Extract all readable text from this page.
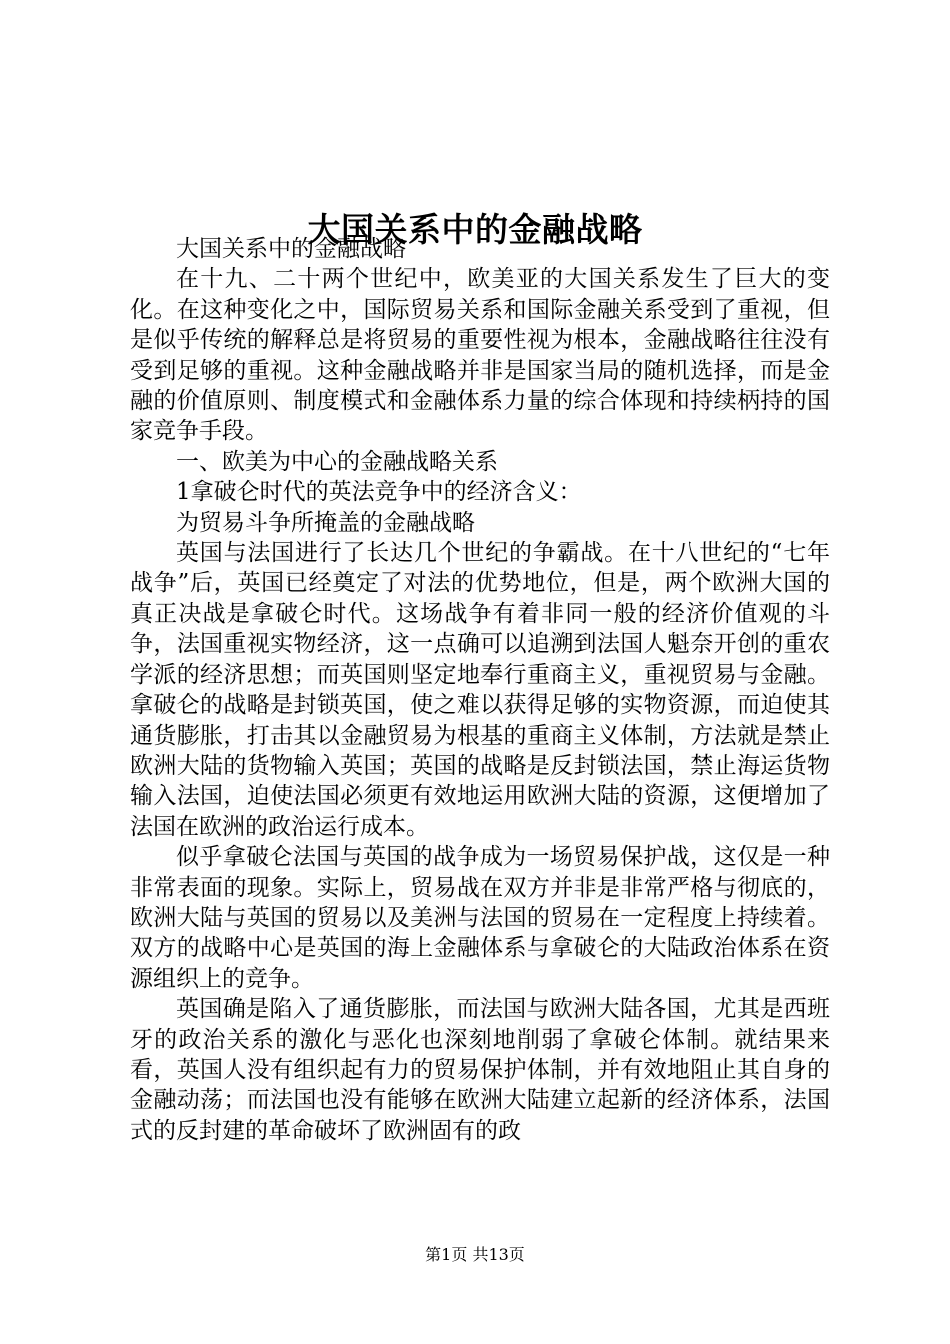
大国关系中的金融战略

大国关系中的金融战略

在十九、二十两个世纪中，欧美亚的大国关系发生了巨大的变化。在这种变化之中，国际贸易关系和国际金融关系受到了重视，但是似乎传统的解释总是将贸易的重要性视为根本，金融战略往往没有受到足够的重视。这种金融战略并非是国家当局的随机选择，而是金融的价值原则、制度模式和金融体系力量的综合体现和持续柄持的国家竞争手段。

一、欧美为中心的金融战略关系

1拿破仑时代的英法竞争中的经济含义：

为贸易斗争所掩盖的金融战略

英国与法国进行了长达几个世纪的争霸战。在十八世纪的“七年战争”后，英国已经奠定了对法的优势地位，但是，两个欧洲大国的真正决战是拿破仑时代。这场战争有着非同一般的经济价值观的斗争，法国重视实物经济，这一点确可以追溯到法国人魁奈开创的重农学派的经济思想；而英国则坚定地奉行重商主义，重视贸易与金融。拿破仑的战略是封锁英国，使之难以获得足够的实物资源，而迫使其通货膨胀，打击其以金融贸易为根基的重商主义体制，方法就是禁止欧洲大陆的货物输入英国；英国的战略是反封锁法国，禁止海运货物输入法国，迫使法国必须更有效地运用欧洲大陆的资源，这便增加了法国在欧洲的政治运行成本。

似乎拿破仑法国与英国的战争成为一场贸易保护战，这仅是一种非常表面的现象。实际上，贸易战在双方并非是非常严格与彻底的，欧洲大陆与英国的贸易以及美洲与法国的贸易在一定程度上持续着。双方的战略中心是英国的海上金融体系与拿破仑的大陆政治体系在资源组织上的竞争。

英国确是陷入了通货膨胀，而法国与欧洲大陆各国，尤其是西班牙的政治关系的激化与恶化也深刻地削弱了拿破仑体制。就结果来看，英国人没有组织起有力的贸易保护体制，并有效地阻止其自身的金融动荡；而法国也没有能够在欧洲大陆建立起新的经济体系，法国式的反封建的革命破坏了欧洲固有的政

第1页 共13页
